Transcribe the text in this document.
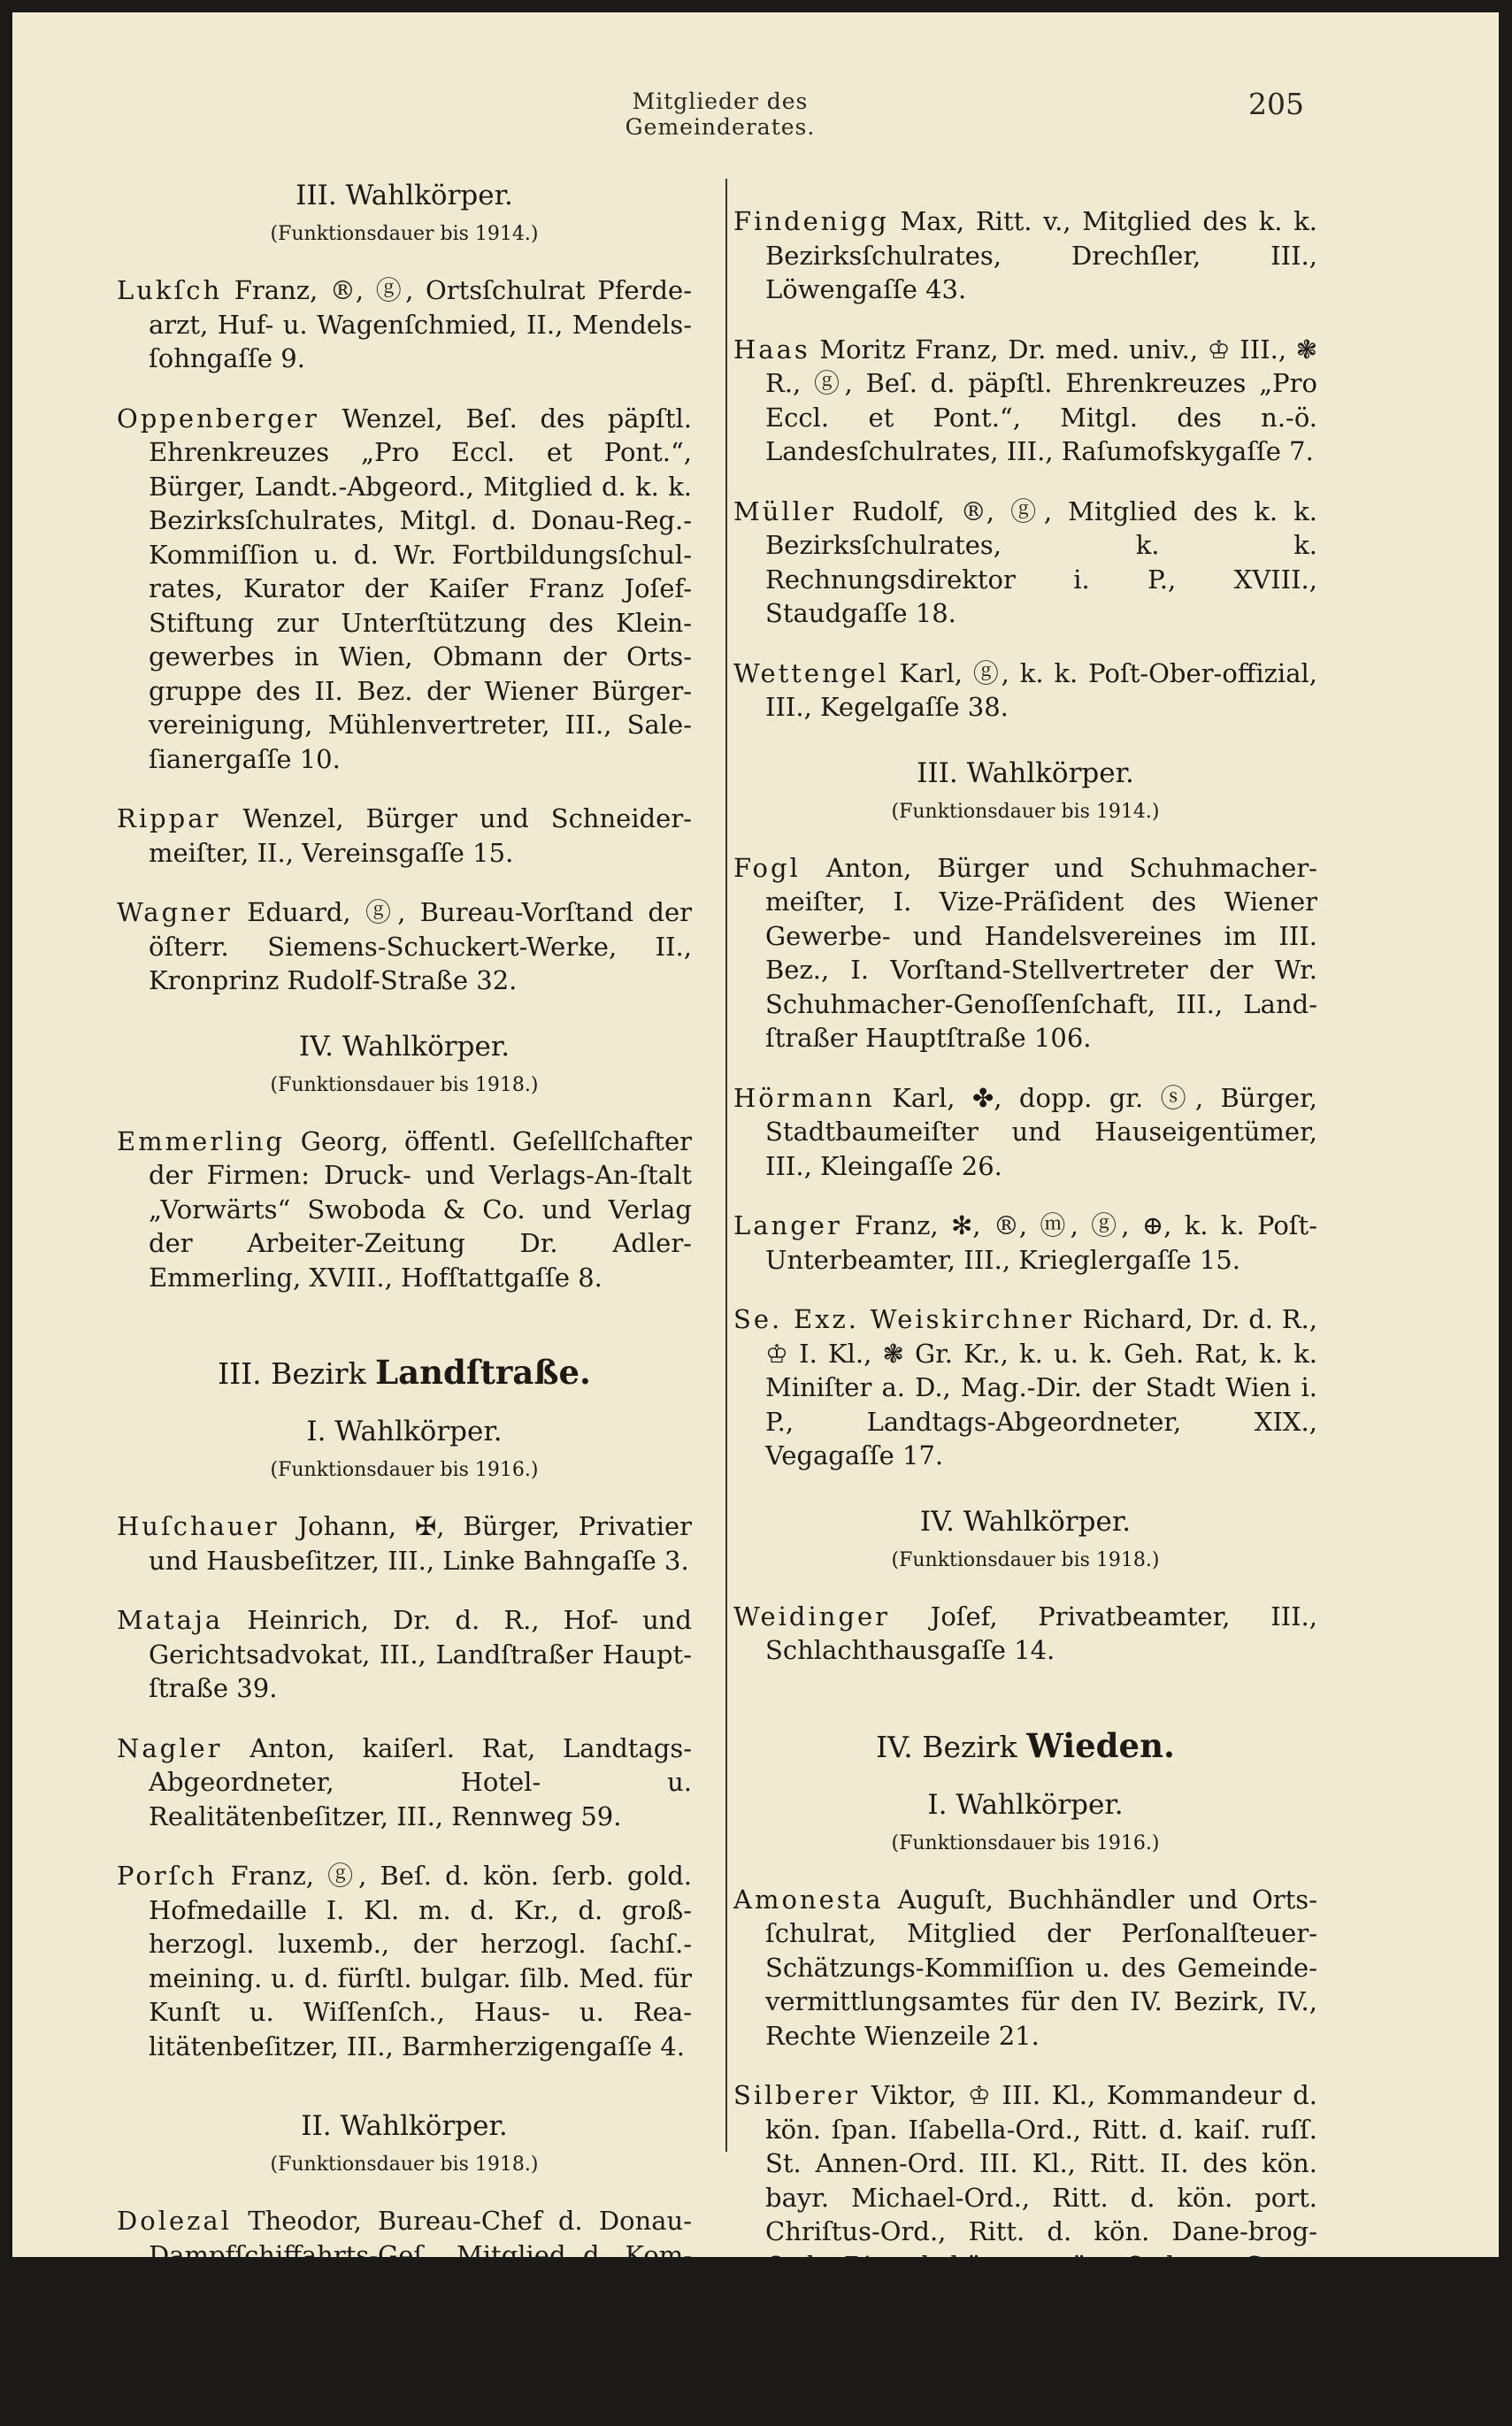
Mitglieder des Gemeinderates.
205
III. Wahlkörper.
(Funktionsdauer bis 1914.)

Lukſch Franz, ®, ⓖ, Ortsſchulrat Pferde-arzt, Huf- u. Wagenſchmied, II., Mendels-ſohngaſſe 9.

Oppenberger Wenzel, Beſ. des päpſtl. Ehrenkreuzes „Pro Eccl. et Pont.“, Bürger, Landt.-Abgeord., Mitglied d. k. k. Bezirksſchulrates, Mitgl. d. Donau-Reg.-Kommiſſion u. d. Wr. Fortbildungsſchul-rates, Kurator der Kaiſer Franz Joſef-Stiftung zur Unterſtützung des Klein-gewerbes in Wien, Obmann der Orts-gruppe des II. Bez. der Wiener Bürger-vereinigung, Mühlenvertreter, III., Sale-ſianergaſſe 10.

Rippar Wenzel, Bürger und Schneider-meiſter, II., Vereinsgaſſe 15.

Wagner Eduard, ⓖ, Bureau-Vorſtand der öſterr. Siemens-Schuckert-Werke, II., Kronprinz Rudolf-Straße 32.

IV. Wahlkörper.
(Funktionsdauer bis 1918.)

Emmerling Georg, öffentl. Geſellſchafter der Firmen: Druck- und Verlags-An-ſtalt „Vorwärts“ Swoboda & Co. und Verlag der Arbeiter-Zeitung Dr. Adler-Emmerling, XVIII., Hofſtattgaſſe 8.

III. Bezirk Landſtraße.
I. Wahlkörper.
(Funktionsdauer bis 1916.)

Huſchauer Johann, ✠, Bürger, Privatier und Hausbeſitzer, III., Linke Bahngaſſe 3.

Mataja Heinrich, Dr. d. R., Hof- und Gerichtsadvokat, III., Landſtraßer Haupt-ſtraße 39.

Nagler Anton, kaiſerl. Rat, Landtags-Abgeordneter, Hotel- u. Realitätenbeſitzer, III., Rennweg 59.

Porſch Franz, ⓖ, Beſ. d. kön. ſerb. gold. Hofmedaille I. Kl. m. d. Kr., d. groß-herzogl. luxemb., der herzogl. ſachſ.-meining. u. d. fürſtl. bulgar. ſilb. Med. für Kunſt u. Wiſſenſch., Haus- u. Rea-litätenbeſitzer, III., Barmherzigengaſſe 4.

II. Wahlkörper.
(Funktionsdauer bis 1918.)

Dolezal Theodor, Bureau-Chef d. Donau-Dampfſchiffahrts-Geſ., Mitglied d. Kom-miſſion für Verkehrsanlagen und der Lagerhaus-Kommiſſion, III., Salm-gaſſe 2a.

Findenigg Max, Ritt. v., Mitglied des k. k. Bezirksſchulrates, Drechſler, III., Löwengaſſe 43.

Haas Moritz Franz, Dr. med. univ., ♔ III., ❃ R., ⓖ, Beſ. d. päpſtl. Ehrenkreuzes „Pro Eccl. et Pont.“, Mitgl. des n.-ö. Landesſchulrates, III., Raſumofskygaſſe 7.

Müller Rudolf, ®, ⓖ, Mitglied des k. k. Bezirksſchulrates, k. k. Rechnungsdirektor i. P., XVIII., Staudgaſſe 18.

Wettengel Karl, ⓖ, k. k. Poſt-Ober-offizial, III., Kegelgaſſe 38.

III. Wahlkörper.
(Funktionsdauer bis 1914.)

Fogl Anton, Bürger und Schuhmacher-meiſter, I. Vize-Präſident des Wiener Gewerbe- und Handelsvereines im III. Bez., I. Vorſtand-Stellvertreter der Wr. Schuhmacher-Genoſſenſchaft, III., Land-ſtraßer Hauptſtraße 106.

Hörmann Karl, ✤, dopp. gr. ⓢ, Bürger, Stadtbaumeiſter und Hauseigentümer, III., Kleingaſſe 26.

Langer Franz, ✻, ®, ⓜ, ⓖ, ⊕, k. k. Poſt-Unterbeamter, III., Krieglergaſſe 15.

Se. Exz. Weiskirchner Richard, Dr. d. R., ♔ I. Kl., ❃ Gr. Kr., k. u. k. Geh. Rat, k. k. Miniſter a. D., Mag.-Dir. der Stadt Wien i. P., Landtags-Abgeordneter, XIX., Vegagaſſe 17.

IV. Wahlkörper.
(Funktionsdauer bis 1918.)

Weidinger Joſef, Privatbeamter, III., Schlachthausgaſſe 14.

IV. Bezirk Wieden.
I. Wahlkörper.
(Funktionsdauer bis 1916.)

Amonesta Auguſt, Buchhändler und Orts-ſchulrat, Mitglied der Perſonalſteuer-Schätzungs-Kommiſſion u. des Gemeinde-vermittlungsamtes für den IV. Bezirk, IV., Rechte Wienzeile 21.

Silberer Viktor, ♔ III. Kl., Kommandeur d. kön. ſpan. Iſabella-Ord., Ritt. d. kaiſ. ruſſ. St. Annen-Ord. III. Kl., Ritt. II. des kön. bayr. Michael-Ord., Ritt. d. kön. port. Chriſtus-Ord., Ritt. d. kön. Dane-brog-Ord., Ritt. d. kön. rumän. Ordens „Stern v. Rumänien“, Geſ., Landtags-Ab-geordneter, Bürger, Schriftſteller und Haus- und Realitätenbeſitzer, I., Anna-gaſſe 3a.
